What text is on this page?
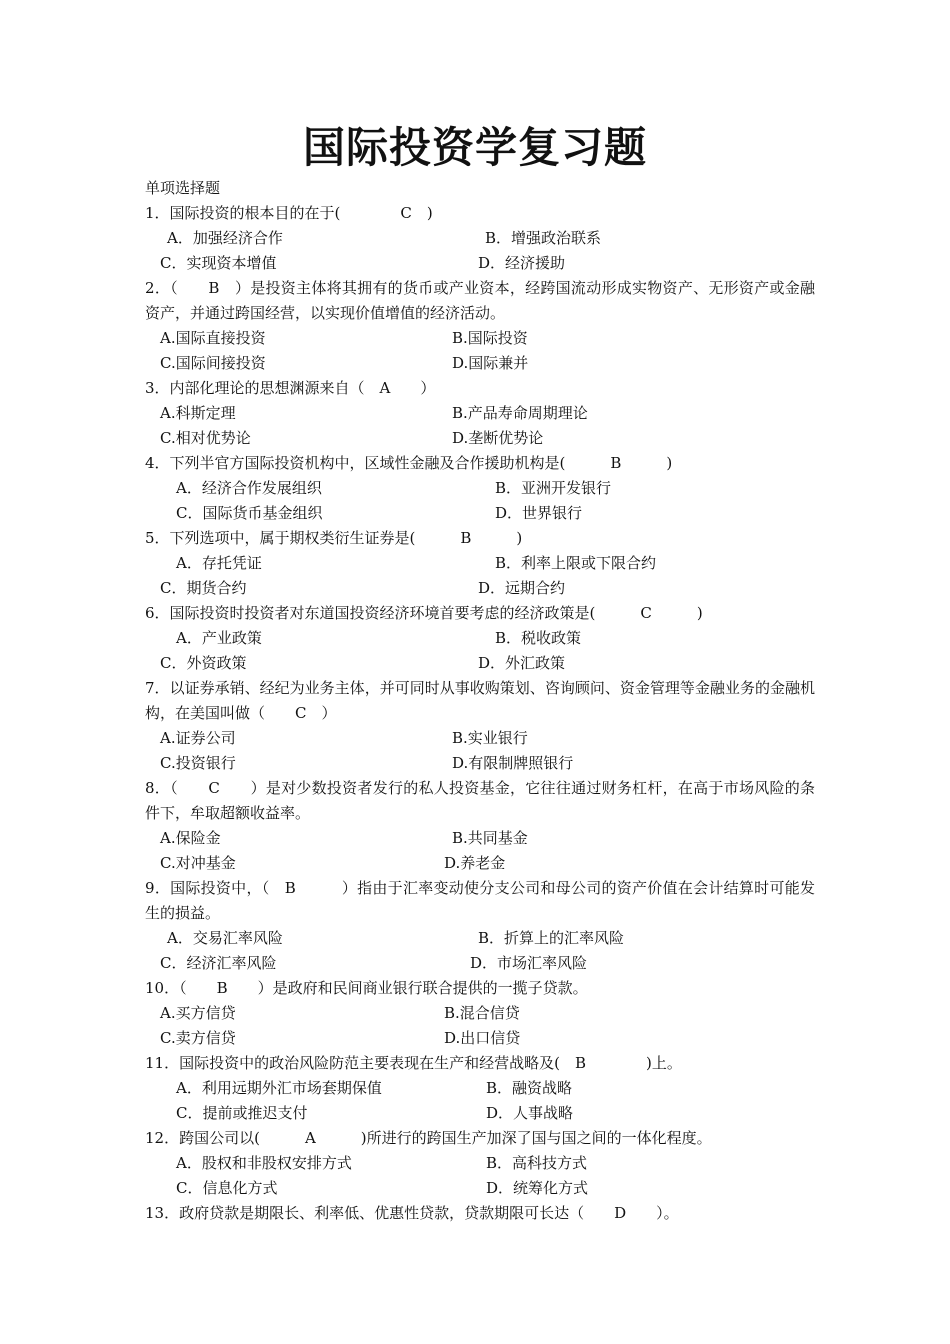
国际投资学复习题
单项选择题
1．国际投资的根本目的在于(　　　　C　)
A．加强经济合作	B．增强政治联系
C．实现资本增值	D．经济援助
2．（　　B　）是投资主体将其拥有的货币或产业资本，经跨国流动形成实物资产、无形资产或金融资产，并通过跨国经营，以实现价值增值的经济活动。
A.国际直接投资	B.国际投资
C.国际间接投资	D.国际兼并
3．内部化理论的思想渊源来自（　A　　）
A.科斯定理	B.产品寿命周期理论
C.相对优势论	D.垄断优势论
4．下列半官方国际投资机构中，区域性金融及合作援助机构是(　　　B　　　)
A．经济合作发展组织	B．亚洲开发银行
C．国际货币基金组织	D．世界银行
5．下列选项中，属于期权类衍生证券是(　　　B　　　)
A．存托凭证	B．利率上限或下限合约
C．期货合约	D．远期合约
6．国际投资时投资者对东道国投资经济环境首要考虑的经济政策是(　　　C　　　)
A．产业政策	B．税收政策
C．外资政策	D．外汇政策
7．以证券承销、经纪为业务主体，并可同时从事收购策划、咨询顾问、资金管理等金融业务的金融机构，在美国叫做（　　C　）
A.证券公司	B.实业银行
C.投资银行	D.有限制牌照银行
8．（　　C　　）是对少数投资者发行的私人投资基金，它往往通过财务杠杆，在高于市场风险的条件下，牟取超额收益率。
A.保险金	B.共同基金
C.对冲基金	D.养老金
9．国际投资中，（　B　　　）指由于汇率变动使分支公司和母公司的资产价值在会计结算时可能发生的损益。
A．交易汇率风险	B．折算上的汇率风险
C．经济汇率风险	D．市场汇率风险
10．（　　B　　）是政府和民间商业银行联合提供的一揽子贷款。
A.买方信贷	B.混合信贷
C.卖方信贷	D.出口信贷
11．国际投资中的政治风险防范主要表现在生产和经营战略及(　B　　　　)上。
A．利用远期外汇市场套期保值	B．融资战略
C．提前或推迟支付	D．人事战略
12．跨国公司以(　　　A　　　)所进行的跨国生产加深了国与国之间的一体化程度。
A．股权和非股权安排方式	B．高科技方式
C．信息化方式	D．统筹化方式
13．政府贷款是期限长、利率低、优惠性贷款，贷款期限可长达（　　D　　）。
